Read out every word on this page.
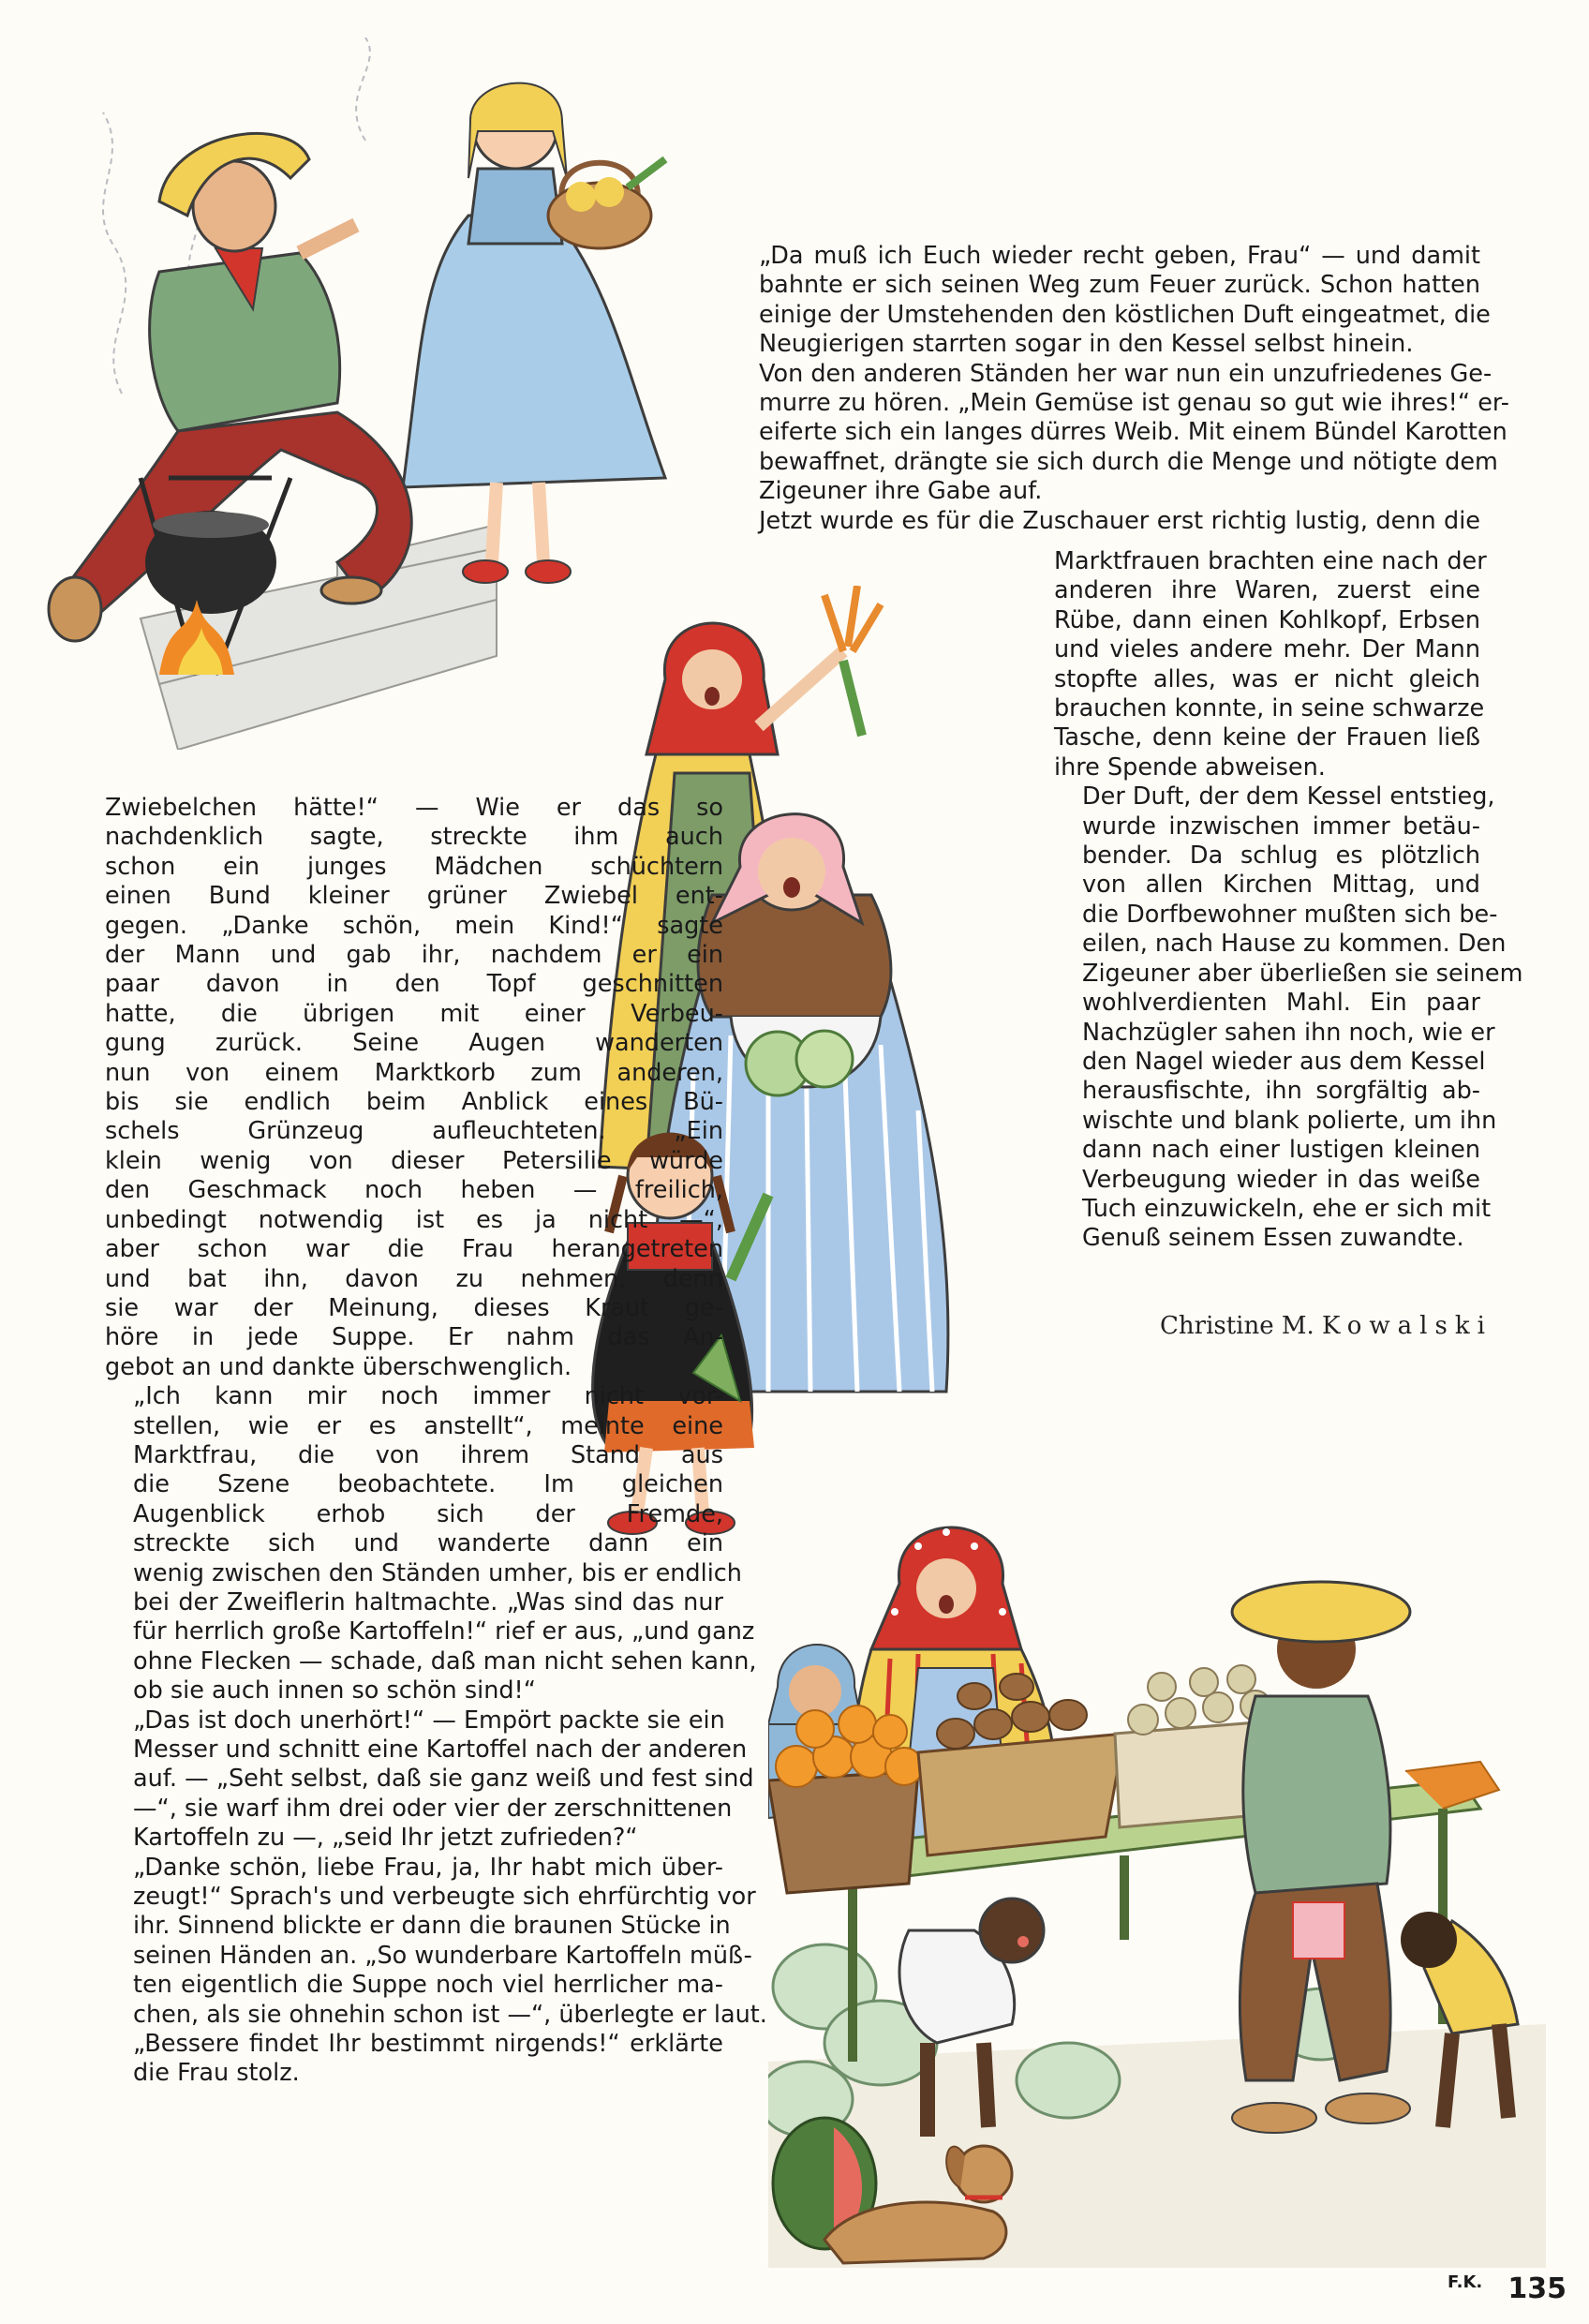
„Da muß ich Euch wieder recht geben, Frau“ — und damit
bahnte er sich seinen Weg zum Feuer zurück. Schon hatten
einige der Umstehenden den köstlichen Duft eingeatmet, die
Neugierigen starrten sogar in den Kessel selbst hinein.

Von den anderen Ständen her war nun ein unzufriedenes Ge-
murre zu hören. „Mein Gemüse ist genau so gut wie ihres!“ er-
eiferte sich ein langes dürres Weib. Mit einem Bündel Karotten
bewaffnet, drängte sie sich durch die Menge und nötigte dem
Zigeuner ihre Gabe auf.

Jetzt wurde es für die Zuschauer erst richtig lustig, denn die

Marktfrauen brachten eine nach der
anderen ihre Waren, zuerst eine
Rübe, dann einen Kohlkopf, Erbsen
und vieles andere mehr. Der Mann
stopfte alles, was er nicht gleich
brauchen konnte, in seine schwarze
Tasche, denn keine der Frauen ließ
ihre Spende abweisen.

Der Duft, der dem Kessel entstieg,
wurde inzwischen immer betäu-
bender. Da schlug es plötzlich
von allen Kirchen Mittag, und
die Dorfbewohner mußten sich be-
eilen, nach Hause zu kommen. Den
Zigeuner aber überließen sie seinem
wohlverdienten Mahl. Ein paar
Nachzügler sahen ihn noch, wie er
den Nagel wieder aus dem Kessel
herausfischte, ihn sorgfältig ab-
wischte und blank polierte, um ihn
dann nach einer lustigen kleinen
Verbeugung wieder in das weiße
Tuch einzuwickeln, ehe er sich mit
Genuß seinem Essen zuwandte.

Zwiebelchen hätte!“ — Wie er das so
nachdenklich sagte, streckte ihm auch
schon ein junges Mädchen schüchtern
einen Bund kleiner grüner Zwiebel ent-
gegen. „Danke schön, mein Kind!“ sagte
der Mann und gab ihr, nachdem er ein
paar davon in den Topf geschnitten
hatte, die übrigen mit einer Verbeu-
gung zurück. Seine Augen wanderten
nun von einem Marktkorb zum anderen,
bis sie endlich beim Anblick eines Bü-
schels Grünzeug aufleuchteten. „Ein
klein wenig von dieser Petersilie würde
den Geschmack noch heben — freilich,
unbedingt notwendig ist es ja nicht —“,
aber schon war die Frau herangetreten
und bat ihn, davon zu nehmen, denn
sie war der Meinung, dieses Kraut ge-
höre in jede Suppe. Er nahm das An-
gebot an und dankte überschwenglich.

„Ich kann mir noch immer nicht vor-
stellen, wie er es anstellt“, meinte eine
Marktfrau, die von ihrem Stand aus
die Szene beobachtete. Im gleichen
Augenblick erhob sich der Fremde,
streckte sich und wanderte dann ein
wenig zwischen den Ständen umher, bis er endlich
bei der Zweiflerin haltmachte. „Was sind das nur
für herrlich große Kartoffeln!“ rief er aus, „und ganz
ohne Flecken — schade, daß man nicht sehen kann,
ob sie auch innen so schön sind!“

„Das ist doch unerhört!“ — Empört packte sie ein
Messer und schnitt eine Kartoffel nach der anderen
auf. — „Seht selbst, daß sie ganz weiß und fest sind
—“, sie warf ihm drei oder vier der zerschnittenen
Kartoffeln zu —, „seid Ihr jetzt zufrieden?“

„Danke schön, liebe Frau, ja, Ihr habt mich über-
zeugt!“ Sprach's und verbeugte sich ehrfürchtig vor
ihr. Sinnend blickte er dann die braunen Stücke in
seinen Händen an. „So wunderbare Kartoffeln müß-
ten eigentlich die Suppe noch viel herrlicher ma-
chen, als sie ohnehin schon ist —“, überlegte er laut.

„Bessere findet Ihr bestimmt nirgends!“ erklärte
die Frau stolz.

Christine M. Kowalski
F.K. 135
